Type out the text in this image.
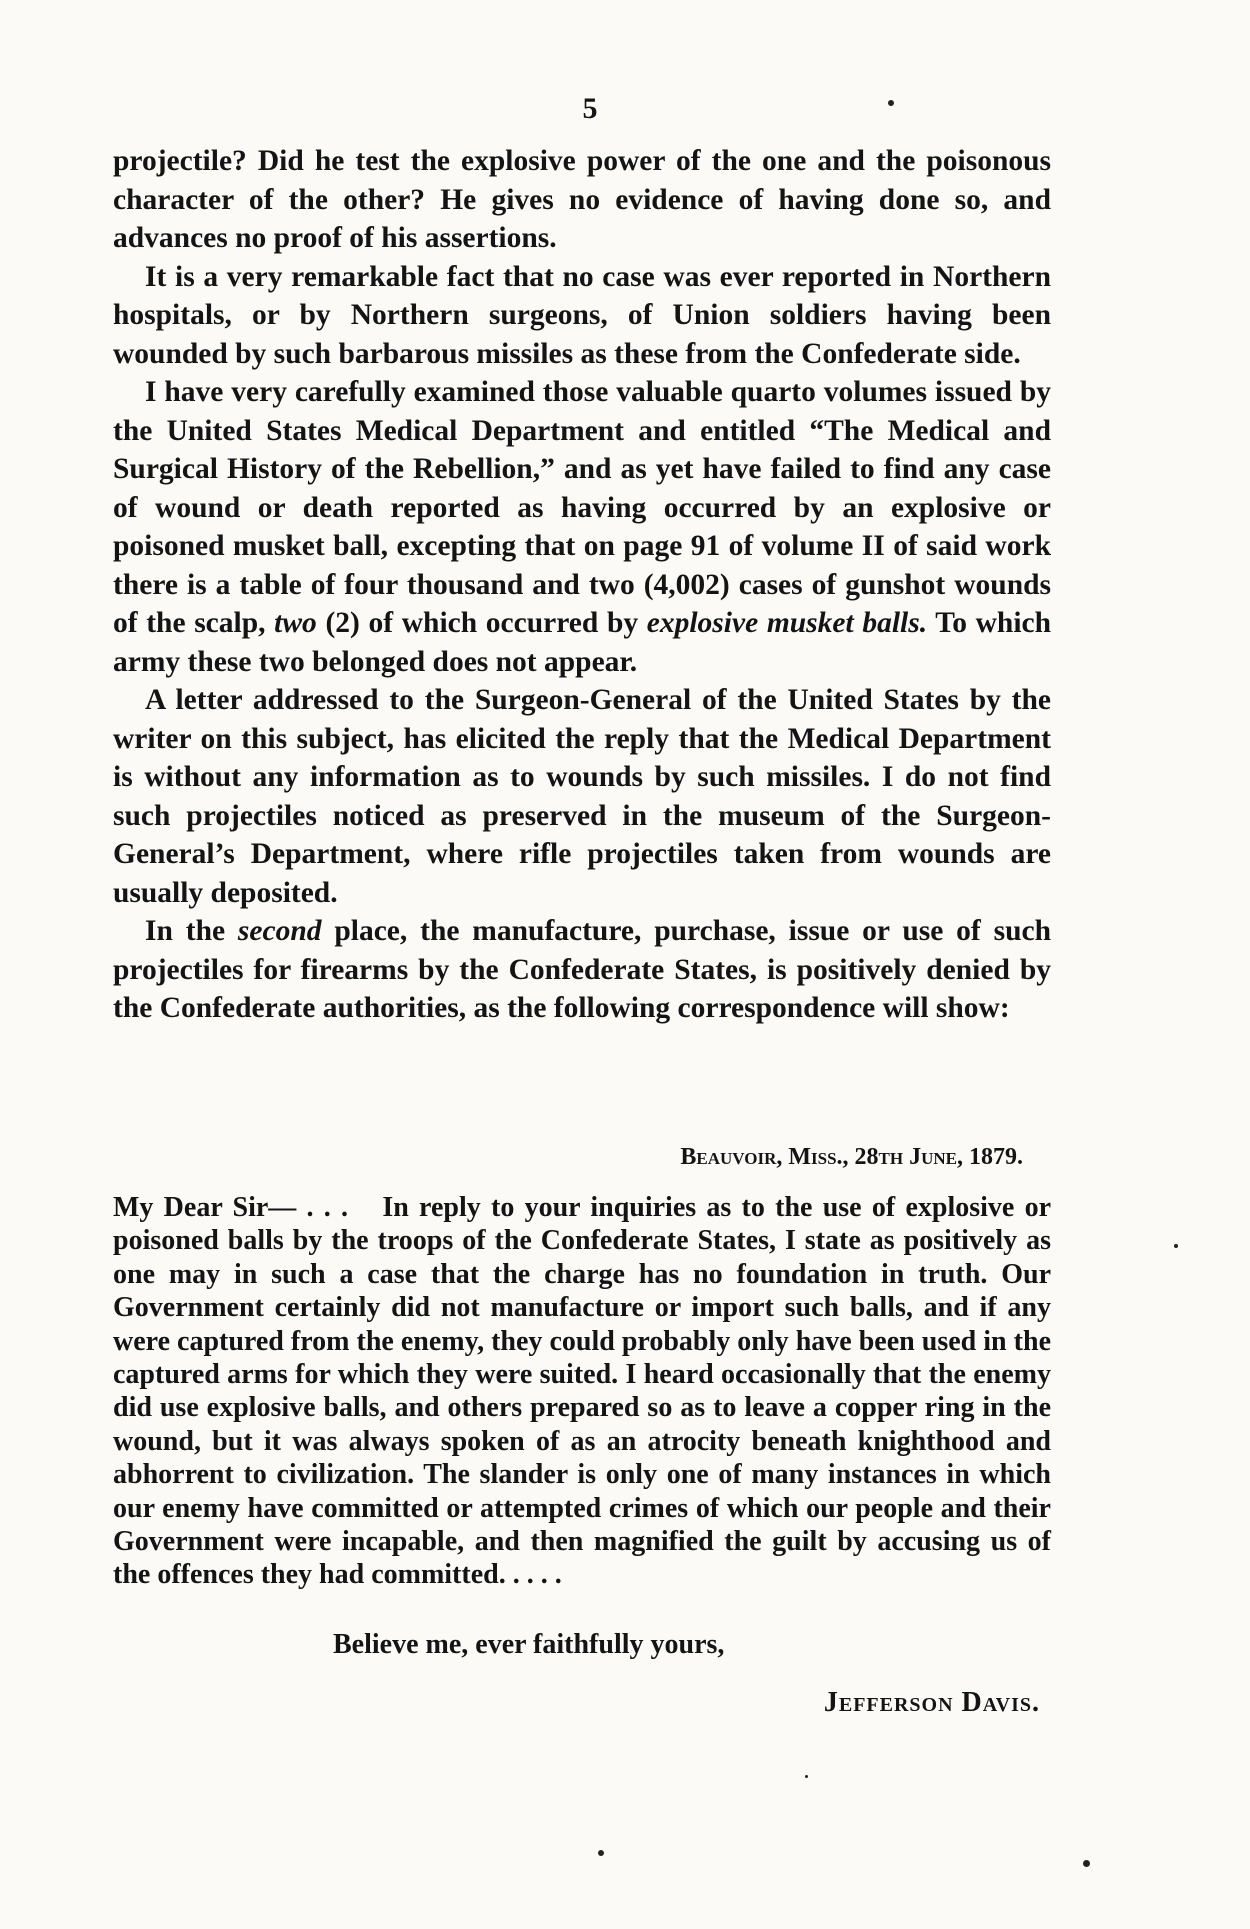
5

projectile? Did he test the explosive power of the one and the poisonous character of the other? He gives no evidence of having done so, and advances no proof of his assertions.

It is a very remarkable fact that no case was ever reported in Northern hospitals, or by Northern surgeons, of Union soldiers having been wounded by such barbarous missiles as these from the Confederate side.

I have very carefully examined those valuable quarto volumes issued by the United States Medical Department and entitled “The Medical and Surgical History of the Rebellion,” and as yet have failed to find any case of wound or death reported as having occurred by an explosive or poisoned musket ball, excepting that on page 91 of volume II of said work there is a table of four thousand and two (4,002) cases of gunshot wounds of the scalp, two (2) of which occurred by explosive musket balls. To which army these two belonged does not appear.

A letter addressed to the Surgeon-General of the United States by the writer on this subject, has elicited the reply that the Medical Department is without any information as to wounds by such missiles. I do not find such projectiles noticed as preserved in the museum of the Surgeon-General’s Department, where rifle projectiles taken from wounds are usually deposited.

In the second place, the manufacture, purchase, issue or use of such projectiles for firearms by the Confederate States, is positively denied by the Confederate authorities, as the following correspondence will show:

Beauvoir, Miss., 28th June, 1879.

My Dear Sir— . . . In reply to your inquiries as to the use of explosive or poisoned balls by the troops of the Confederate States, I state as positively as one may in such a case that the charge has no foundation in truth. Our Government certainly did not manufacture or import such balls, and if any were captured from the enemy, they could probably only have been used in the captured arms for which they were suited. I heard occasionally that the enemy did use explosive balls, and others prepared so as to leave a copper ring in the wound, but it was always spoken of as an atrocity beneath knighthood and abhorrent to civilization. The slander is only one of many instances in which our enemy have committed or attempted crimes of which our people and their Government were incapable, and then magnified the guilt by accusing us of the offences they had committed. . . . .

Believe me, ever faithfully yours,
Jefferson Davis.
